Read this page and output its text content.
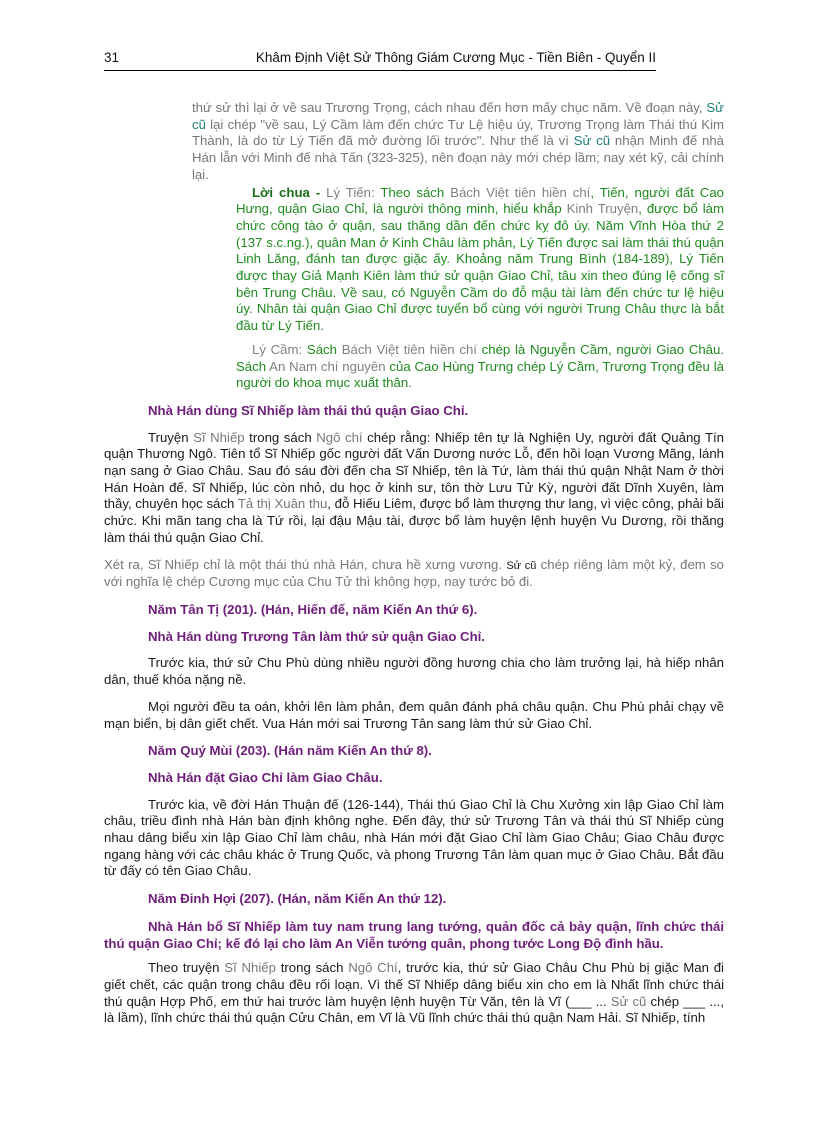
31	Khâm Định Việt Sử Thông Giám Cương Mục - Tiền Biên - Quyển II

thứ sử thì lại ở về sau Trương Trọng, cách nhau đến hơn mấy chục năm. Về đoạn này, Sử cũ lại chép "về sau, Lý Cầm làm đến chức Tư Lệ hiệu úy, Trương Trọng làm Thái thú Kim Thành, là do từ Lý Tiến đã mở đường lối trước". Như thế là vì Sử cũ nhận Minh đế nhà Hán lẫn với Minh đế nhà Tấn (323-325), nên đoạn này mới chép lầm; nay xét kỹ, cải chính lại.

Lời chua - Lý Tiến: Theo sách Bách Việt tiên hiền chí, Tiến, người đất Cao Hưng, quận Giao Chỉ, là người thông minh, hiểu khắp Kinh Truyện, được bổ làm chức công tào ở quận, sau thăng dần đến chức kỵ đô úy. Năm Vĩnh Hòa thứ 2 (137 s.c.ng.), quân Man ở Kinh Châu làm phản, Lý Tiến được sai làm thái thú quận Linh Lăng, đánh tan được giặc ấy. Khoảng năm Trung Bình (184-189), Lý Tiến được thay Giả Mạnh Kiên làm thứ sử quận Giao Chỉ, tâu xin theo đúng lệ cống sĩ bên Trung Châu. Về sau, có Nguyễn Cầm do đỗ mậu tài làm đến chức tư lệ hiệu úy. Nhân tài quận Giao Chỉ được tuyển bổ cùng với người Trung Châu thực là bắt đầu từ Lý Tiến.

Lý Cầm: Sách Bách Việt tiên hiền chí chép là Nguyễn Cầm, người Giao Châu. Sách An Nam chí nguyên của Cao Hùng Trưng chép Lý Cầm, Trương Trọng đều là người do khoa mục xuất thân.

Nhà Hán dùng Sĩ Nhiếp làm thái thú quận Giao Chỉ.

Truyện Sĩ Nhiếp trong sách Ngô chí chép rằng: Nhiếp tên tự là Nghiện Uy, người đất Quảng Tín quận Thương Ngô. Tiên tổ Sĩ Nhiếp gốc người đất Vấn Dương nước Lỗ, đến hồi loạn Vương Mãng, lánh nạn sang ở Giao Châu. Sau đó sáu đời đến cha Sĩ Nhiếp, tên là Tứ, làm thái thú quận Nhật Nam ở thời Hán Hoàn đế. Sĩ Nhiếp, lúc còn nhỏ, du học ở kinh sư, tôn thờ Lưu Tử Kỳ, người đất Dĩnh Xuyên, làm thầy, chuyên học sách Tả thị Xuân thu, đỗ Hiếu Liêm, được bổ làm thượng thư lang, vì việc công, phải bãi chức. Khi mãn tang cha là Tứ rồi, lại đậu Mậu tài, được bổ làm huyện lệnh huyện Vu Dương, rồi thăng làm thái thú quận Giao Chỉ.

Xét ra, Sĩ Nhiếp chỉ là một thái thú nhà Hán, chưa hề xưng vương. Sử cũ chép riêng làm một kỷ, đem so với nghĩa lệ chép Cương mục của Chu Tử thì không hợp, nay tước bỏ đi.

Năm Tân Tị (201). (Hán, Hiến đế, năm Kiến An thứ 6).

Nhà Hán dùng Trương Tân làm thứ sử quận Giao Chỉ.

Trước kia, thứ sử Chu Phù dùng nhiều người đồng hương chia cho làm trưởng lại, hà hiếp nhân dân, thuế khóa nặng nề.

Mọi người đều ta oán, khởi lên làm phản, đem quân đánh phá châu quận. Chu Phù phải chạy về mạn biển, bị dân giết chết. Vua Hán mới sai Trương Tân sang làm thứ sử Giao Chỉ.

Năm Quý Mùi (203). (Hán năm Kiến An thứ 8).

Nhà Hán đặt Giao Chỉ làm Giao Châu.

Trước kia, về đời Hán Thuận đế (126-144), Thái thú Giao Chỉ là Chu Xưởng xin lập Giao Chỉ làm châu, triều đình nhà Hán bàn định không nghe. Đến đây, thứ sử Trương Tân và thái thú Sĩ Nhiếp cùng nhau dâng biểu xin lập Giao Chỉ làm châu, nhà Hán mới đặt Giao Chỉ làm Giao Châu; Giao Châu được ngang hàng với các châu khác ở Trung Quốc, và phong Trương Tân làm quan mục ở Giao Châu. Bắt đầu từ đấy có tên Giao Châu.

Năm Đinh Hợi (207). (Hán, năm Kiến An thứ 12).

Nhà Hán bổ Sĩ Nhiếp làm tuy nam trung lang tướng, quản đốc cả bảy quận, lĩnh chức thái thú quận Giao Chỉ; kế đó lại cho làm An Viễn tướng quân, phong tước Long Độ đình hầu.

Theo truyện Sĩ Nhiếp trong sách Ngô Chí, trước kia, thứ sử Giao Châu Chu Phù bị giặc Man đi giết chết, các quận trong châu đều rối loạn. Vì thế Sĩ Nhiếp dâng biểu xin cho em là Nhất lĩnh chức thái thú quận Hợp Phố, em thứ hai trước làm huyện lệnh huyện Từ Văn, tên là Vĩ (___ ... Sử cũ chép ___ ..., là lầm), lĩnh chức thái thú quận Cửu Chân, em Vĩ là Vũ lĩnh chức thái thú quận Nam Hải. Sĩ Nhiếp, tính
